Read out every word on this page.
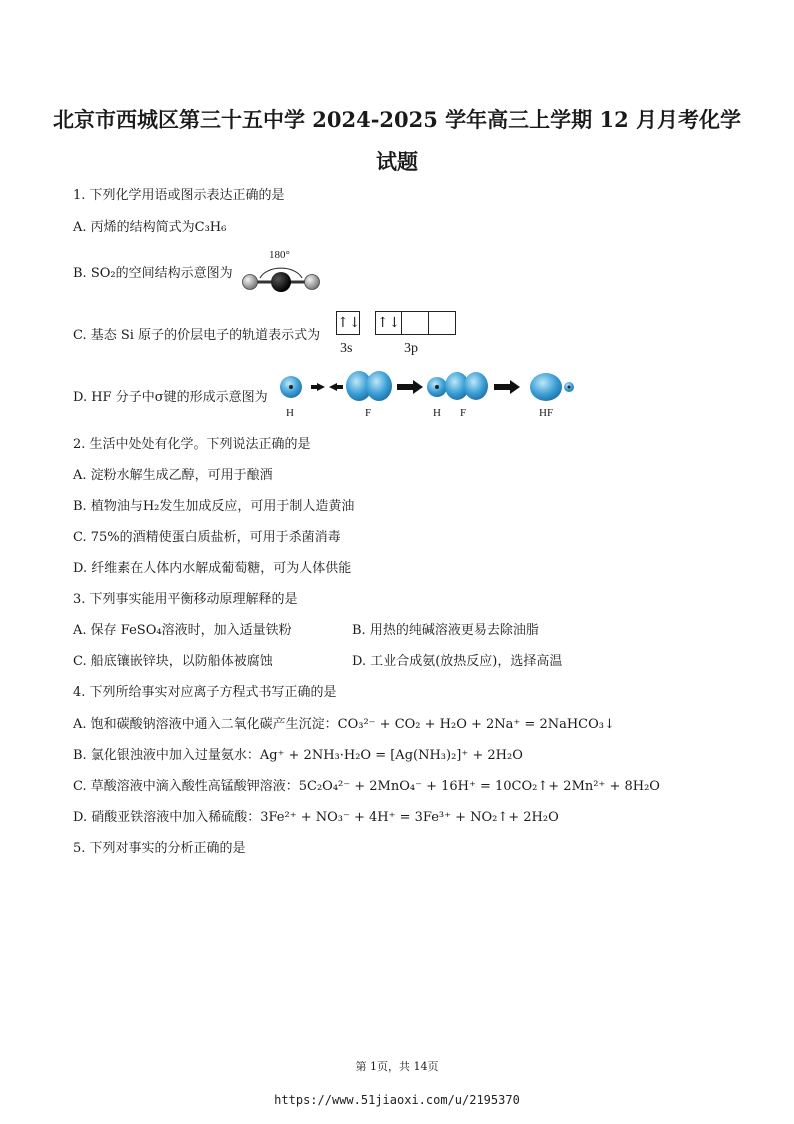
北京市西城区第三十五中学 2024-2025 学年高三上学期 12 月月考化学
试题
1. 下列化学用语或图示表达正确的是
A. 丙烯的结构简式为C₃H₆
B. SO₂的空间结构示意图为
180°
C. 基态 Si 原子的价层电子的轨道表示式为
↑↓ ↑↓
3s	3p
D. HF 分子中σ键的形成示意图为
H	F	H F	HF
2. 生活中处处有化学。下列说法正确的是
A. 淀粉水解生成乙醇，可用于酿酒
B. 植物油与H₂发生加成反应，可用于制人造黄油
C. 75%的酒精使蛋白质盐析，可用于杀菌消毒
D. 纤维素在人体内水解成葡萄糖，可为人体供能
3. 下列事实能用平衡移动原理解释的是
A. 保存 FeSO₄溶液时，加入适量铁粉	B. 用热的纯碱溶液更易去除油脂
C. 船底镶嵌锌块，以防船体被腐蚀	D. 工业合成氨(放热反应)，选择高温
4. 下列所给事实对应离子方程式书写正确的是
A. 饱和碳酸钠溶液中通入二氧化碳产生沉淀：CO₃²⁻ + CO₂ + H₂O + 2Na⁺ = 2NaHCO₃↓
B. 氯化银浊液中加入过量氨水：Ag⁺ + 2NH₃·H₂O = [Ag(NH₃)₂]⁺ + 2H₂O
C. 草酸溶液中滴入酸性高锰酸钾溶液：5C₂O₄²⁻ + 2MnO₄⁻ + 16H⁺ = 10CO₂↑+ 2Mn²⁺ + 8H₂O
D. 硝酸亚铁溶液中加入稀硫酸：3Fe²⁺ + NO₃⁻ + 4H⁺ = 3Fe³⁺ + NO₂↑+ 2H₂O
5. 下列对事实的分析正确的是
第 1页，共 14页
https://www.51jiaoxi.com/u/2195370
